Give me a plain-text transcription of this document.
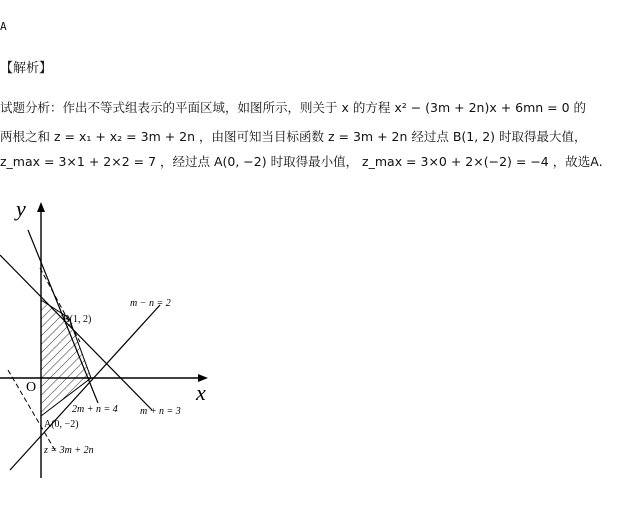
A
【解析】
试题分析：作出不等式组表示的平面区域，如图所示，则关于 x 的方程 x² − (3m + 2n)x + 6mn = 0 的
两根之和 z = x₁ + x₂ = 3m + 2n ，由图可知当目标函数 z = 3m + 2n 经过点 B(1, 2) 时取得最大值，
z_max = 3×1 + 2×2 = 7 ，经过点 A(0, −2) 时取得最小值， z_max = 3×0 + 2×(−2) = −4 ，故选A.
y
x
O
B(1, 2)
A(0, −2)
m − n = 2
2m + n = 4 m + n = 3
z = 3m + 2n
